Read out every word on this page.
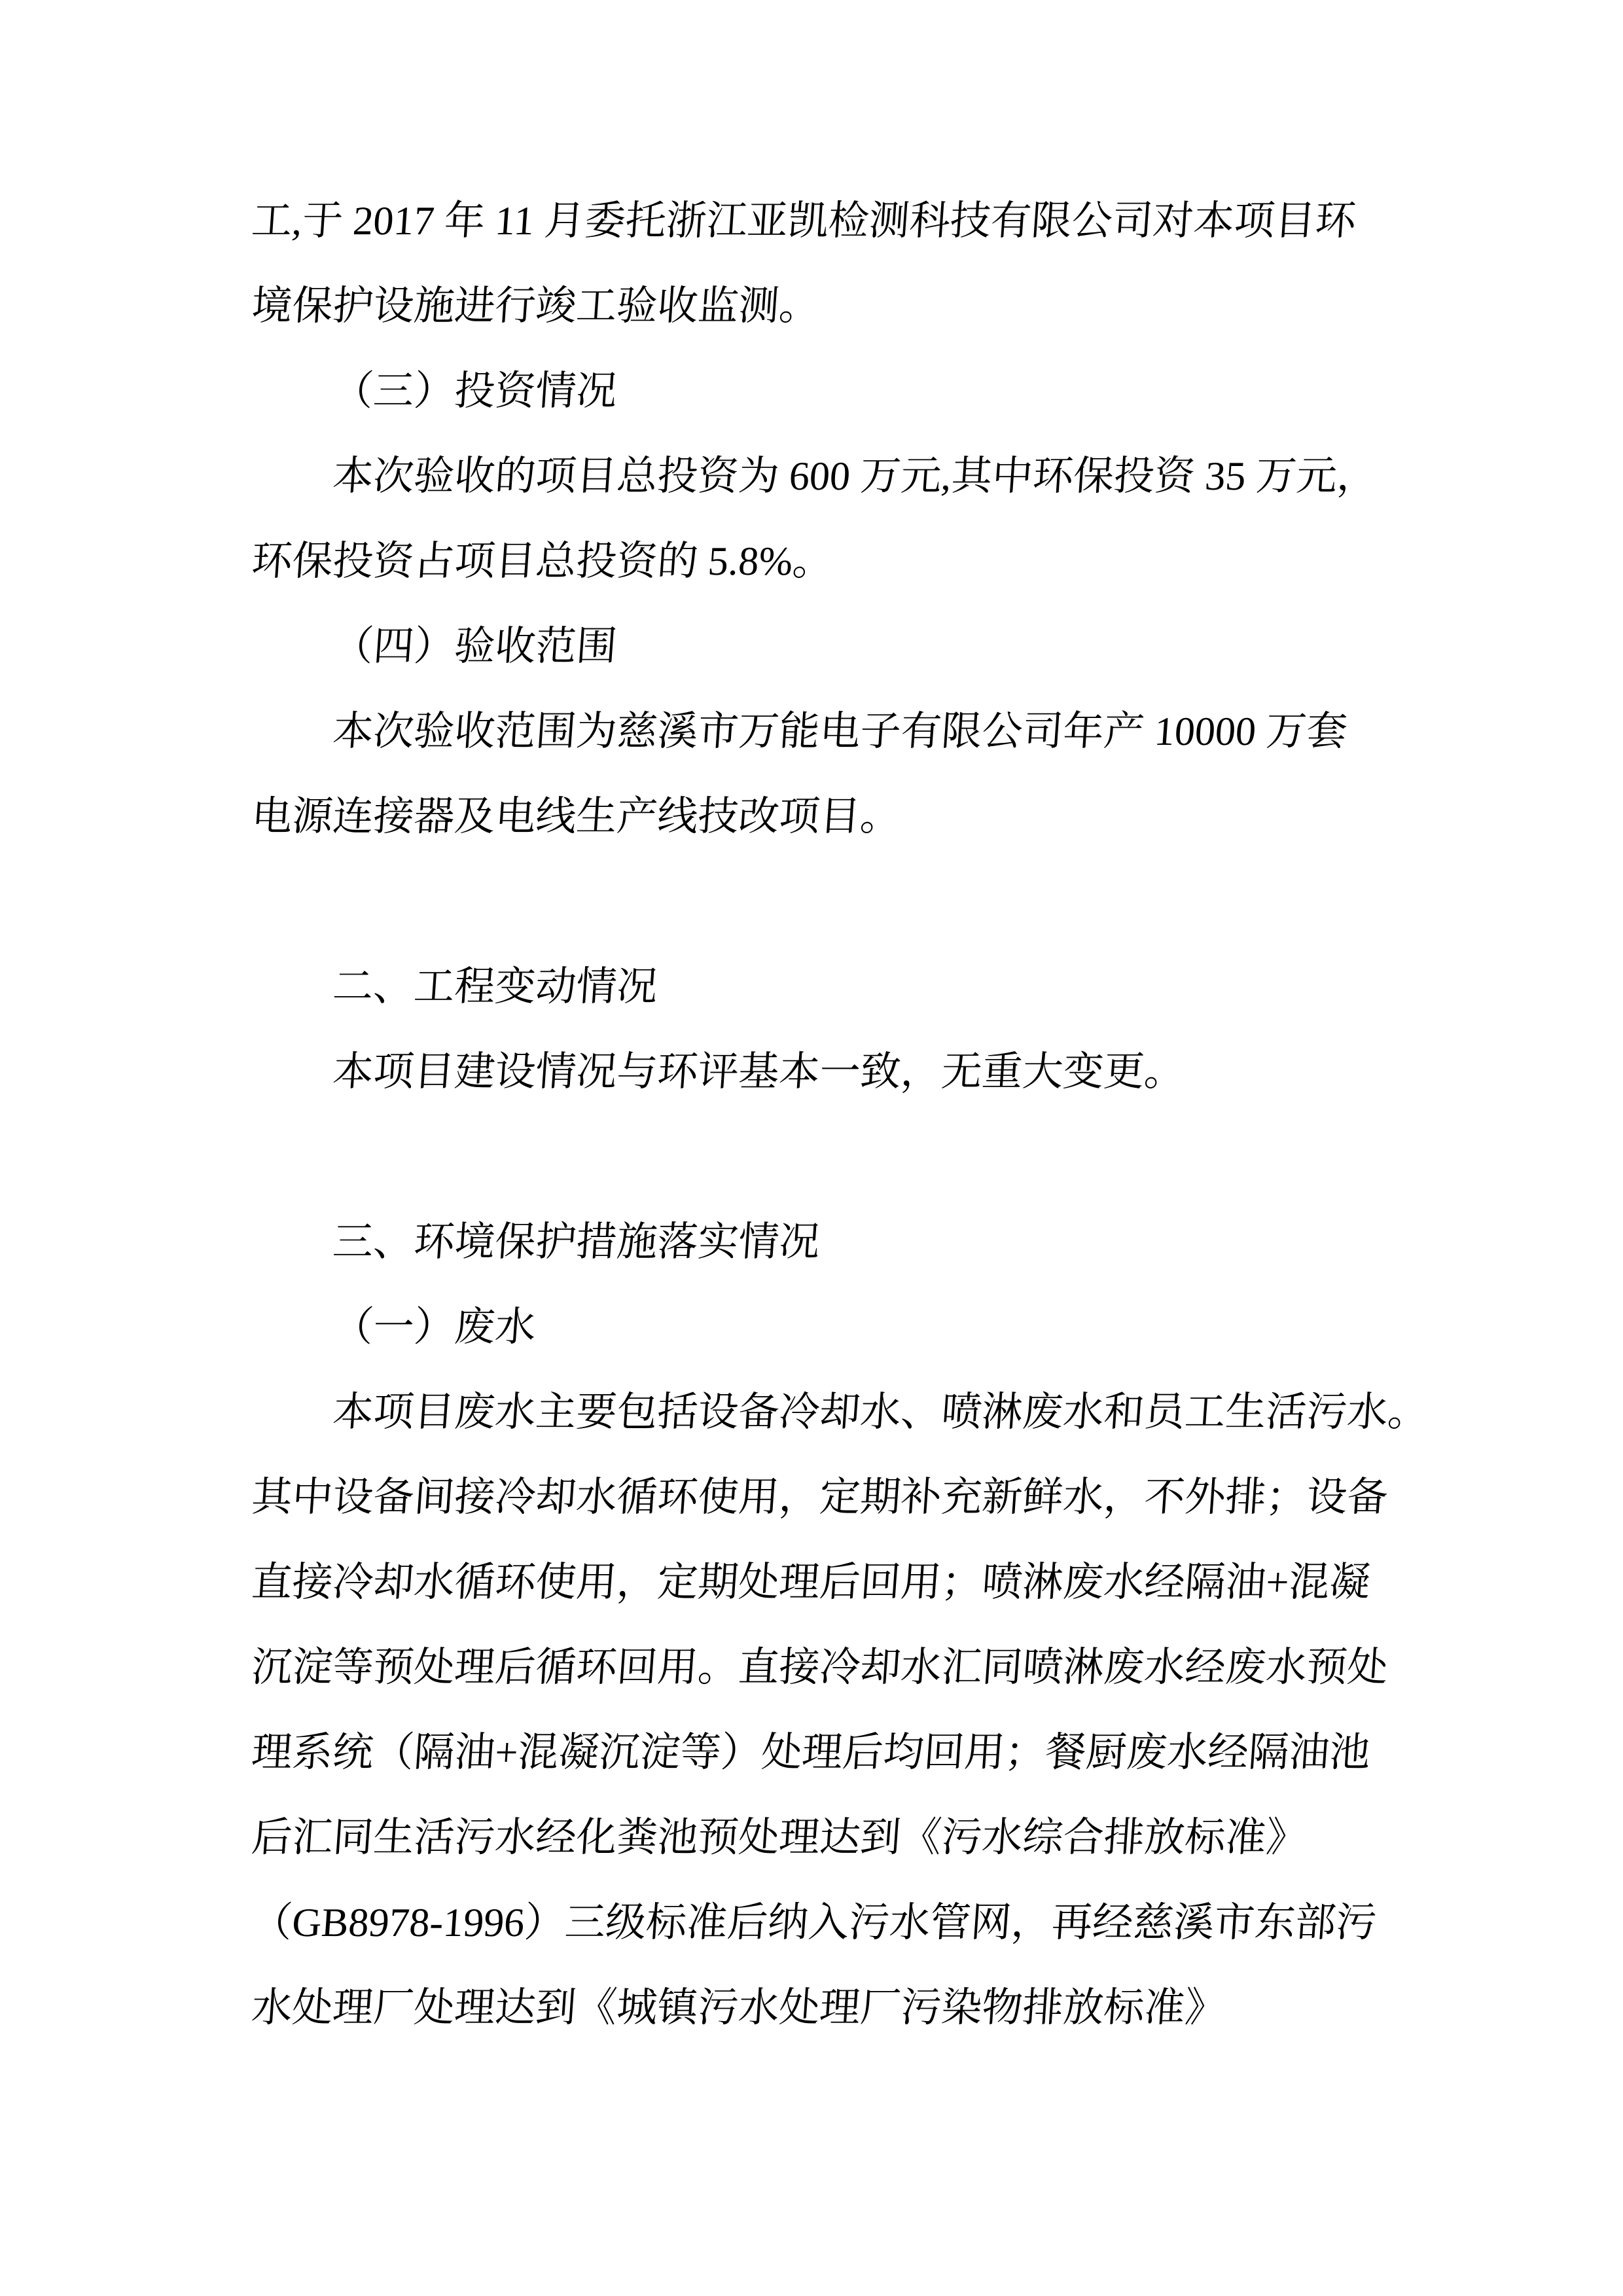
工,于 2017 年 11 月委托浙江亚凯检测科技有限公司对本项目环
境保护设施进行竣工验收监测。
（三）投资情况
本次验收的项目总投资为 600 万元,其中环保投资 35 万元，
环保投资占项目总投资的 5.8%。
（四）验收范围
本次验收范围为慈溪市万能电子有限公司年产 10000 万套
电源连接器及电线生产线技改项目。
二、工程变动情况
本项目建设情况与环评基本一致，无重大变更。
三、环境保护措施落实情况
（一）废水
本项目废水主要包括设备冷却水、喷淋废水和员工生活污水。
其中设备间接冷却水循环使用，定期补充新鲜水，不外排；设备
直接冷却水循环使用，定期处理后回用；喷淋废水经隔油+混凝
沉淀等预处理后循环回用。直接冷却水汇同喷淋废水经废水预处
理系统（隔油+混凝沉淀等）处理后均回用；餐厨废水经隔油池
后汇同生活污水经化粪池预处理达到《污水综合排放标准》
（GB8978-1996）三级标准后纳入污水管网，再经慈溪市东部污
水处理厂处理达到《城镇污水处理厂污染物排放标准》
